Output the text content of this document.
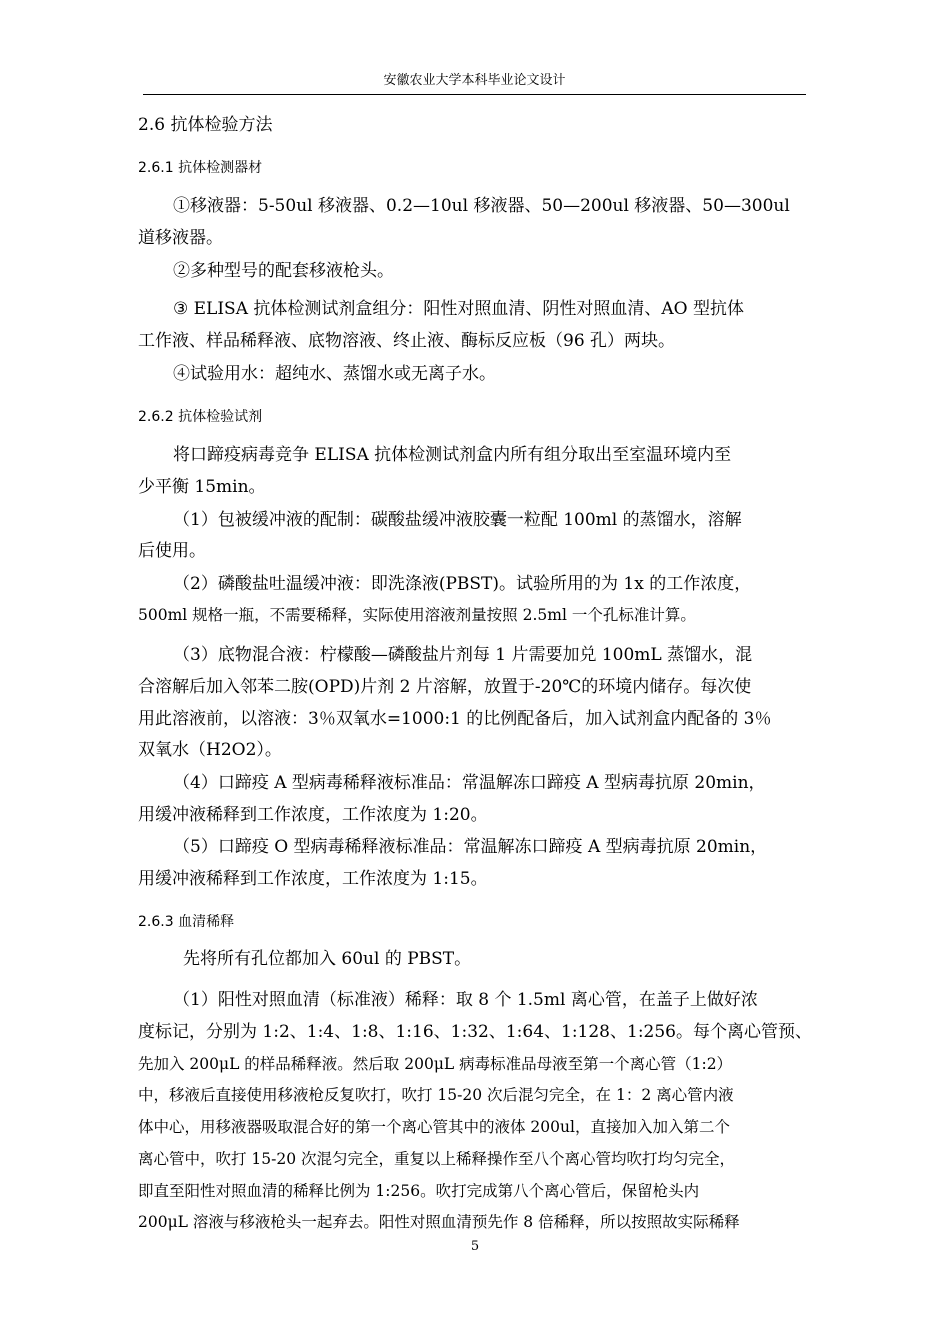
安徽农业大学本科毕业论文设计
2.6 抗体检验方法
2.6.1 抗体检测器材
①移液器：5-50ul 移液器、0.2—10ul 移液器、50—200ul 移液器、50—300ul
道移液器。
②多种型号的配套移液枪头。
③ ELISA 抗体检测试剂盒组分：阳性对照血清、阴性对照血清、AO 型抗体
工作液、样品稀释液、底物溶液、终止液、酶标反应板（96 孔）两块。
④试验用水：超纯水、蒸馏水或无离子水。
2.6.2 抗体检验试剂
将口蹄疫病毒竞争 ELISA 抗体检测试剂盒内所有组分取出至室温环境内至
少平衡 15min。
（1）包被缓冲液的配制：碳酸盐缓冲液胶囊一粒配 100ml 的蒸馏水，溶解
后使用。
（2）磷酸盐吐温缓冲液：即洗涤液(PBST)。试验所用的为 1x 的工作浓度，
500ml 规格一瓶，不需要稀释，实际使用溶液剂量按照 2.5ml 一个孔标准计算。
（3）底物混合液：柠檬酸—磷酸盐片剂每 1 片需要加兑 100mL 蒸馏水，混
合溶解后加入邻苯二胺(OPD)片剂 2 片溶解，放置于-20℃的环境内储存。每次使
用此溶液前，以溶液：3％双氧水=1000:1 的比例配备后，加入试剂盒内配备的 3％
双氧水（H2O2）。
（4）口蹄疫 A 型病毒稀释液标准品：常温解冻口蹄疫 A 型病毒抗原 20min，
用缓冲液稀释到工作浓度，工作浓度为 1:20。
（5）口蹄疫 O 型病毒稀释液标准品：常温解冻口蹄疫 A 型病毒抗原 20min，
用缓冲液稀释到工作浓度，工作浓度为 1:15。
2.6.3 血清稀释
先将所有孔位都加入 60ul 的 PBST。
（1）阳性对照血清（标准液）稀释：取 8 个 1.5ml 离心管，在盖子上做好浓
度标记，分别为 1:2、1:4、1:8、1:16、1:32、1:64、1:128、1:256。每个离心管预、
先加入 200μL 的样品稀释液。然后取 200μL 病毒标准品母液至第一个离心管（1:2）
中，移液后直接使用移液枪反复吹打，吹打 15-20 次后混匀完全，在 1：2 离心管内液
体中心，用移液器吸取混合好的第一个离心管其中的液体 200ul，直接加入加入第二个
离心管中，吹打 15-20 次混匀完全，重复以上稀释操作至八个离心管均吹打均匀完全，
即直至阳性对照血清的稀释比例为 1:256。吹打完成第八个离心管后，保留枪头内
200μL 溶液与移液枪头一起弃去。阳性对照血清预先作 8 倍稀释，所以按照故实际稀释
5
